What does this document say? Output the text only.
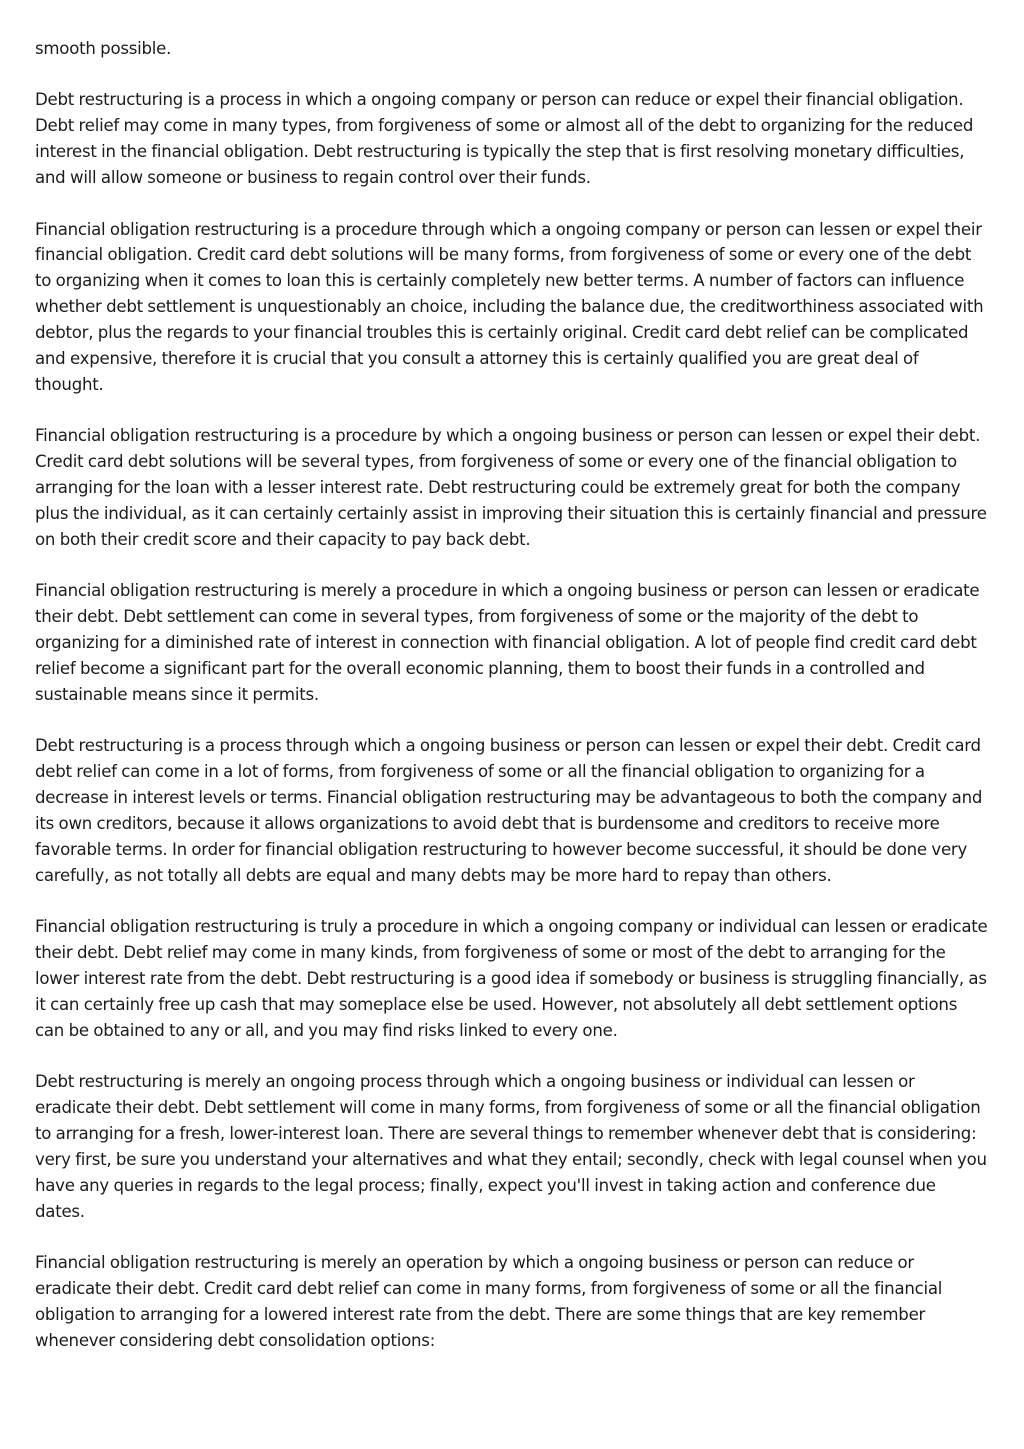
smooth possible.

Debt restructuring is a process in which a ongoing company or person can reduce or expel their financial obligation. Debt relief may come in many types, from forgiveness of some or almost all of the debt to organizing for the reduced interest in the financial obligation. Debt restructuring is typically the step that is first resolving monetary difficulties, and will allow someone or business to regain control over their funds.

Financial obligation restructuring is a procedure through which a ongoing company or person can lessen or expel their financial obligation. Credit card debt solutions will be many forms, from forgiveness of some or every one of the debt to organizing when it comes to loan this is certainly completely new better terms. A number of factors can influence whether debt settlement is unquestionably an choice, including the balance due, the creditworthiness associated with debtor, plus the regards to your financial troubles this is certainly original. Credit card debt relief can be complicated and expensive, therefore it is crucial that you consult a attorney this is certainly qualified you are great deal of thought.

Financial obligation restructuring is a procedure by which a ongoing business or person can lessen or expel their debt. Credit card debt solutions will be several types, from forgiveness of some or every one of the financial obligation to arranging for the loan with a lesser interest rate. Debt restructuring could be extremely great for both the company plus the individual, as it can certainly certainly assist in improving their situation this is certainly financial and pressure on both their credit score and their capacity to pay back debt.

Financial obligation restructuring is merely a procedure in which a ongoing business or person can lessen or eradicate their debt. Debt settlement can come in several types, from forgiveness of some or the majority of the debt to organizing for a diminished rate of interest in connection with financial obligation. A lot of people find credit card debt relief become a significant part for the overall economic planning, them to boost their funds in a controlled and sustainable means since it permits.

Debt restructuring is a process through which a ongoing business or person can lessen or expel their debt. Credit card debt relief can come in a lot of forms, from forgiveness of some or all the financial obligation to organizing for a decrease in interest levels or terms. Financial obligation restructuring may be advantageous to both the company and its own creditors, because it allows organizations to avoid debt that is burdensome and creditors to receive more favorable terms. In order for financial obligation restructuring to however become successful, it should be done very carefully, as not totally all debts are equal and many debts may be more hard to repay than others.

Financial obligation restructuring is truly a procedure in which a ongoing company or individual can lessen or eradicate their debt. Debt relief may come in many kinds, from forgiveness of some or most of the debt to arranging for the lower interest rate from the debt. Debt restructuring is a good idea if somebody or business is struggling financially, as it can certainly free up cash that may someplace else be used. However, not absolutely all debt settlement options can be obtained to any or all, and you may find risks linked to every one.

Debt restructuring is merely an ongoing process through which a ongoing business or individual can lessen or eradicate their debt. Debt settlement will come in many forms, from forgiveness of some or all the financial obligation to arranging for a fresh, lower-interest loan. There are several things to remember whenever debt that is considering: very first, be sure you understand your alternatives and what they entail; secondly, check with legal counsel when you have any queries in regards to the legal process; finally, expect you'll invest in taking action and conference due dates.

Financial obligation restructuring is merely an operation by which a ongoing business or person can reduce or eradicate their debt. Credit card debt relief can come in many forms, from forgiveness of some or all the financial obligation to arranging for a lowered interest rate from the debt. There are some things that are key remember whenever considering debt consolidation options:
